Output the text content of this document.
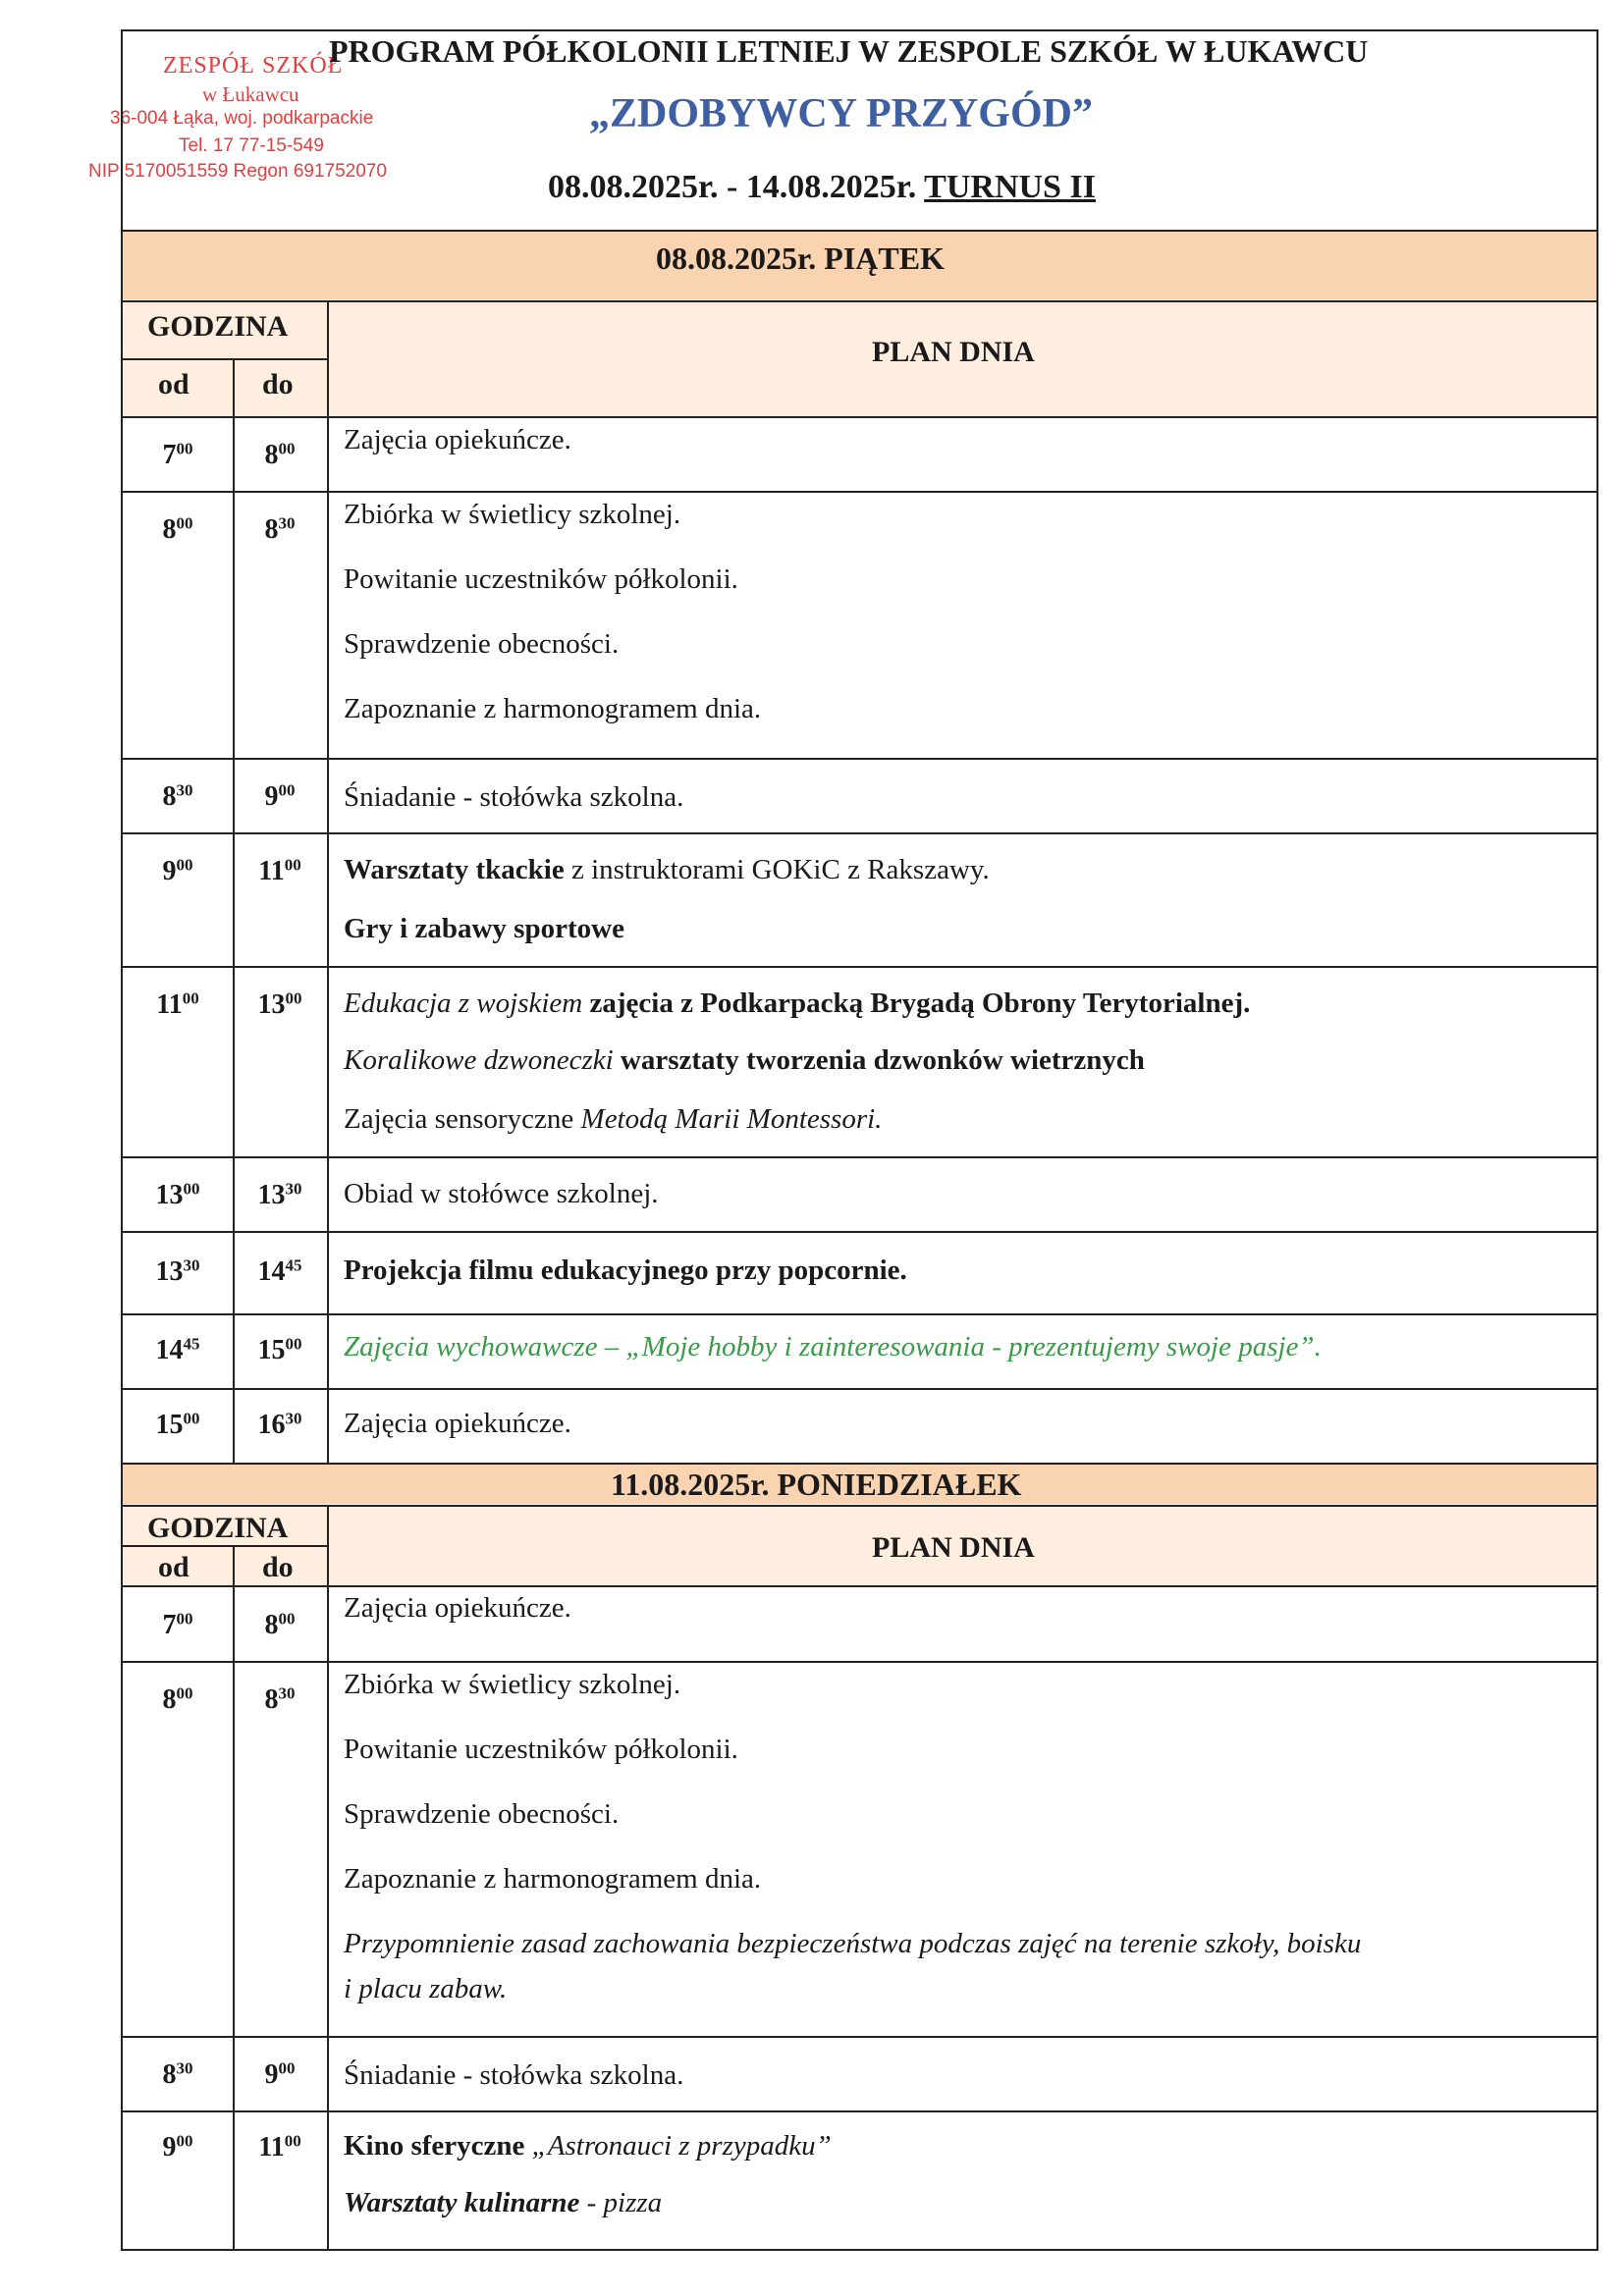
ZESPÓŁ SZKÓŁ
w Łukawcu
36-004 Łąka, woj. podkarpackie
Tel. 17 77-15-549
NIP 5170051559 Regon 691752070
PROGRAM PÓŁKOLONII LETNIEJ W ZESPOLE SZKÓŁ W ŁUKAWCU
„ZDOBYWCY PRZYGÓD”
08.08.2025r. - 14.08.2025r. TURNUS II
08.08.2025r. PIĄTEK
GODZINA
od do
PLAN DNIA
$7^{00}$	$8^{00}$	Zajęcia opiekuńcze.
$8^{00}$	$8^{30}$	Zbiórka w świetlicy szkolnej.
Powitanie uczestników półkolonii.
Sprawdzenie obecności.
Zapoznanie z harmonogramem dnia.
$8^{30}$	$9^{00}$	Śniadanie - stołówka szkolna.
$9^{00}$	$11^{00}$	Warsztaty tkackie z instruktorami GOKiC z Rakszawy.
Gry i zabawy sportowe
$11^{00}$	$13^{00}$	Edukacja z wojskiem zajęcia z Podkarpacką Brygadą Obrony Terytorialnej.
Koralikowe dzwoneczki warsztaty tworzenia dzwonków wietrznych
Zajęcia sensoryczne Metodą Marii Montessori.
$13^{00}$	$13^{30}$	Obiad w stołówce szkolnej.
$13^{30}$	$14^{45}$	Projekcja filmu edukacyjnego przy popcornie.
$14^{45}$	$15^{00}$	Zajęcia wychowawcze – „Moje hobby i zainteresowania - prezentujemy swoje pasje”.
$15^{00}$	$16^{30}$	Zajęcia opiekuńcze.
11.08.2025r. PONIEDZIAŁEK
GODZINA
od do
PLAN DNIA
$7^{00}$	$8^{00}$	Zajęcia opiekuńcze.
$8^{00}$	$8^{30}$	Zbiórka w świetlicy szkolnej.
Powitanie uczestników półkolonii.
Sprawdzenie obecności.
Zapoznanie z harmonogramem dnia.
Przypomnienie zasad zachowania bezpieczeństwa podczas zajęć na terenie szkoły, boisku
i placu zabaw.
$8^{30}$	$9^{00}$	Śniadanie - stołówka szkolna.
$9^{00}$	$11^{00}$	Kino sferyczne „Astronauci z przypadku”
Warsztaty kulinarne - pizza
